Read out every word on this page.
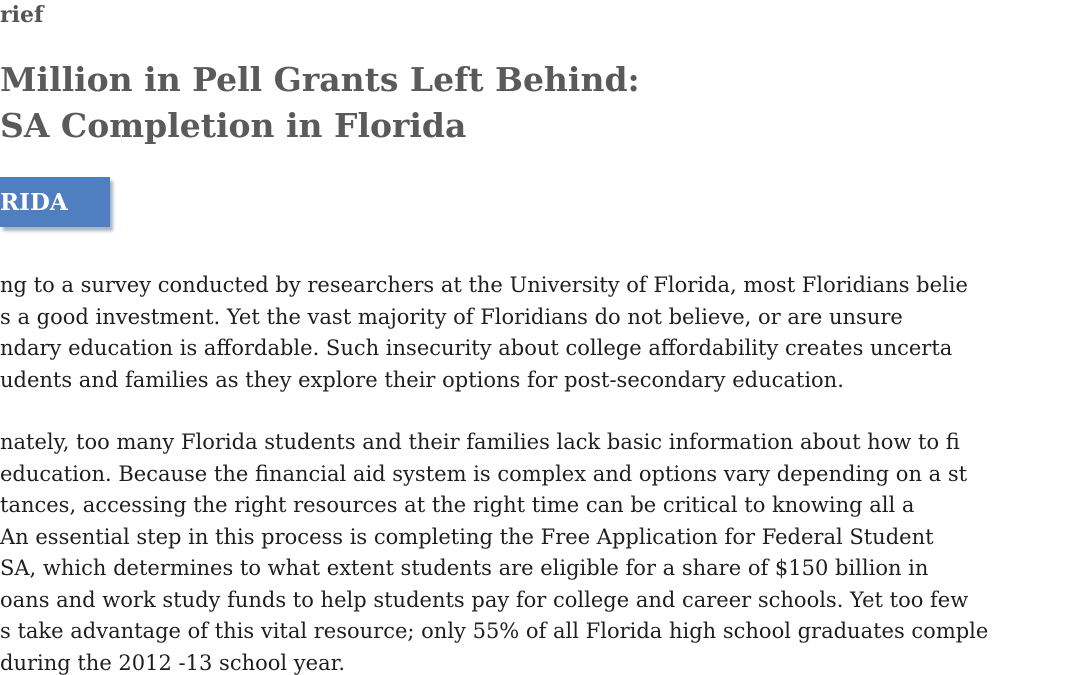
rief
Million in Pell Grants Left Behind:
SA Completion in Florida
RIDA

ng to a survey conducted by researchers at the University of Florida, most Floridians belie
s a good investment. Yet the vast majority of Floridians do not believe, or are unsure
ndary education is affordable. Such insecurity about college affordability creates uncerta
udents and families as they explore their options for post-secondary education.

nately, too many Florida students and their families lack basic information about how to fi
education. Because the financial aid system is complex and options vary depending on a st
tances, accessing the right resources at the right time can be critical to knowing all a
An essential step in this process is completing the Free Application for Federal Student
SA, which determines to what extent students are eligible for a share of $150 billion in
oans and work study funds to help students pay for college and career schools. Yet too few
s take advantage of this vital resource; only 55% of all Florida high school graduates comple
during the 2012 -13 school year.
